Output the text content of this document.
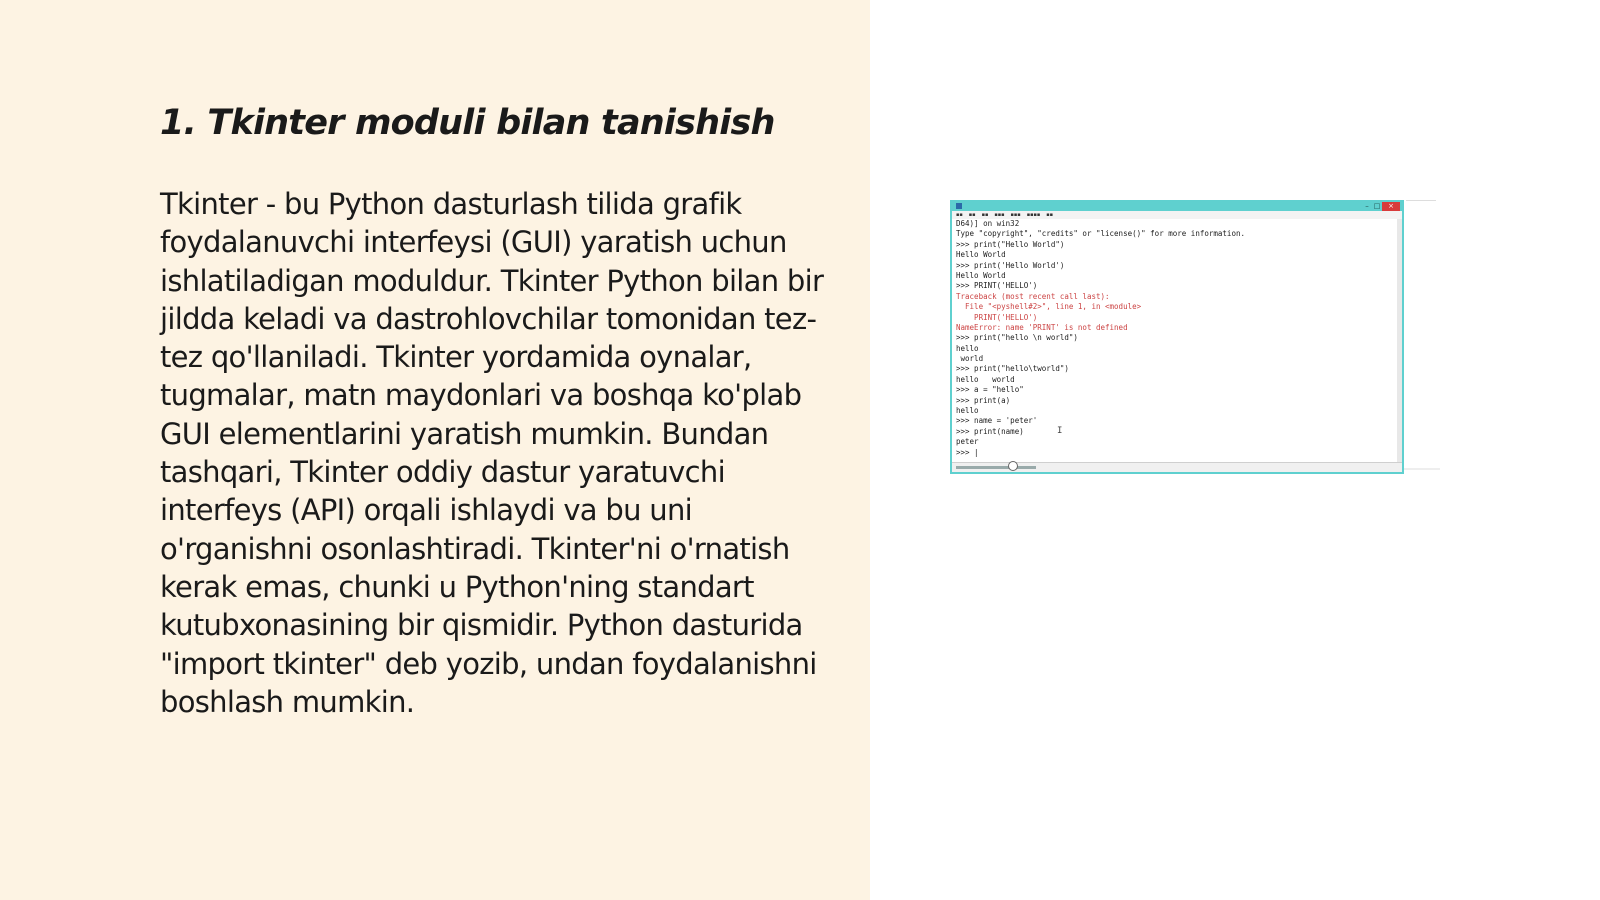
1. Tkinter moduli bilan tanishish

Tkinter - bu Python dasturlash tilida grafik foydalanuvchi interfeysi (GUI) yaratish uchun ishlatiladigan moduldur. Tkinter Python bilan bir jildda keladi va dastrohlovchilar tomonidan tez-tez qo'llaniladi. Tkinter yordamida oynalar, tugmalar, matn maydonlari va boshqa ko'plab GUI elementlarini yaratish mumkin. Bundan tashqari, Tkinter oddiy dastur yaratuvchi interfeys (API) orqali ishlaydi va bu uni o'rganishni osonlashtiradi. Tkinter'ni o'rnatish kerak emas, chunki u Python'ning standart kutubxonasining bir qismidir. Python dasturida "import tkinter" deb yozib, undan foydalanishni boshlash mumkin.

– □	×
▪▪ ▪▪ ▪▪ ▪▪▪ ▪▪▪ ▪▪▪▪ ▪▪
D64)] on win32
Type "copyright", "credits" or "license()" for more information.
>>> print("Hello World")
Hello World
>>> print('Hello World')
Hello World
>>> PRINT('HELLO')
Traceback (most recent call last):
File "<pyshell#2>", line 1, in <module>
PRINT('HELLO')
NameError: name 'PRINT' is not defined
>>> print("hello \n world")
hello
world
>>> print("hello\tworld")
hello   world
>>> a = "hello"
>>> print(a)
hello
>>> name = 'peter'
>>> print(name)
peter
>>> |
I
